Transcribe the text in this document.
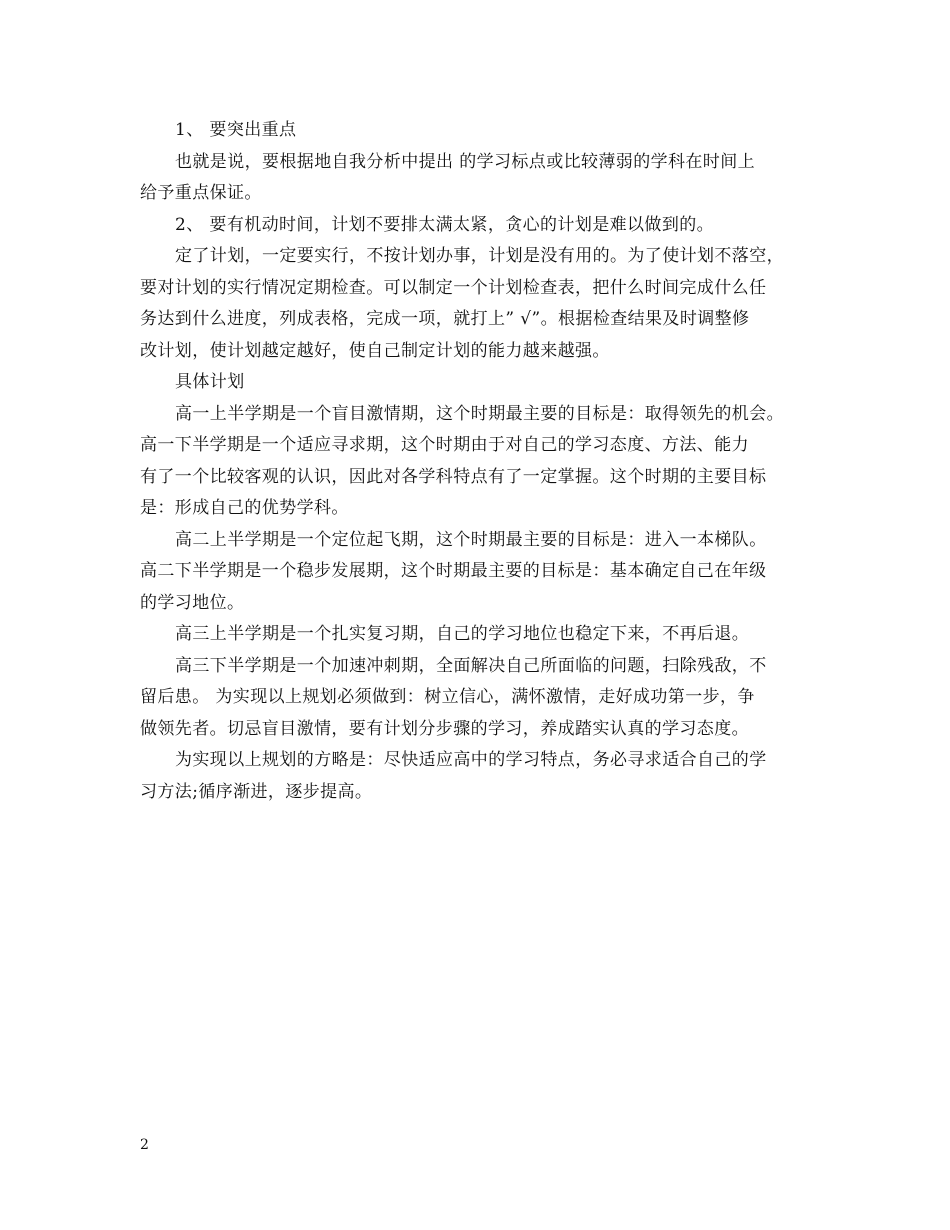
1、 要突出重点

也就是说，要根据地自我分析中提出 的学习标点或比较薄弱的学科在时间上
给予重点保证。

2、 要有机动时间，计划不要排太满太紧，贪心的计划是难以做到的。

定了计划，一定要实行，不按计划办事，计划是没有用的。为了使计划不落空，
要对计划的实行情况定期检查。可以制定一个计划检查表，把什么时间完成什么任
务达到什么进度，列成表格，完成一项，就打上” √”。根据检查结果及时调整修
改计划，使计划越定越好，使自己制定计划的能力越来越强。

具体计划

高一上半学期是一个盲目激情期，这个时期最主要的目标是：取得领先的机会。
高一下半学期是一个适应寻求期，这个时期由于对自己的学习态度、方法、能力
有了一个比较客观的认识，因此对各学科特点有了一定掌握。这个时期的主要目标
是：形成自己的优势学科。

高二上半学期是一个定位起飞期，这个时期最主要的目标是：进入一本梯队。
高二下半学期是一个稳步发展期，这个时期最主要的目标是：基本确定自己在年级
的学习地位。

高三上半学期是一个扎实复习期，自己的学习地位也稳定下来，不再后退。

高三下半学期是一个加速冲刺期，全面解决自己所面临的问题，扫除残敌，不
留后患。 为实现以上规划必须做到：树立信心，满怀激情，走好成功第一步，争
做领先者。切忌盲目激情，要有计划分步骤的学习，养成踏实认真的学习态度。

为实现以上规划的方略是：尽快适应高中的学习特点，务必寻求适合自己的学
习方法;循序渐进，逐步提高。

2
